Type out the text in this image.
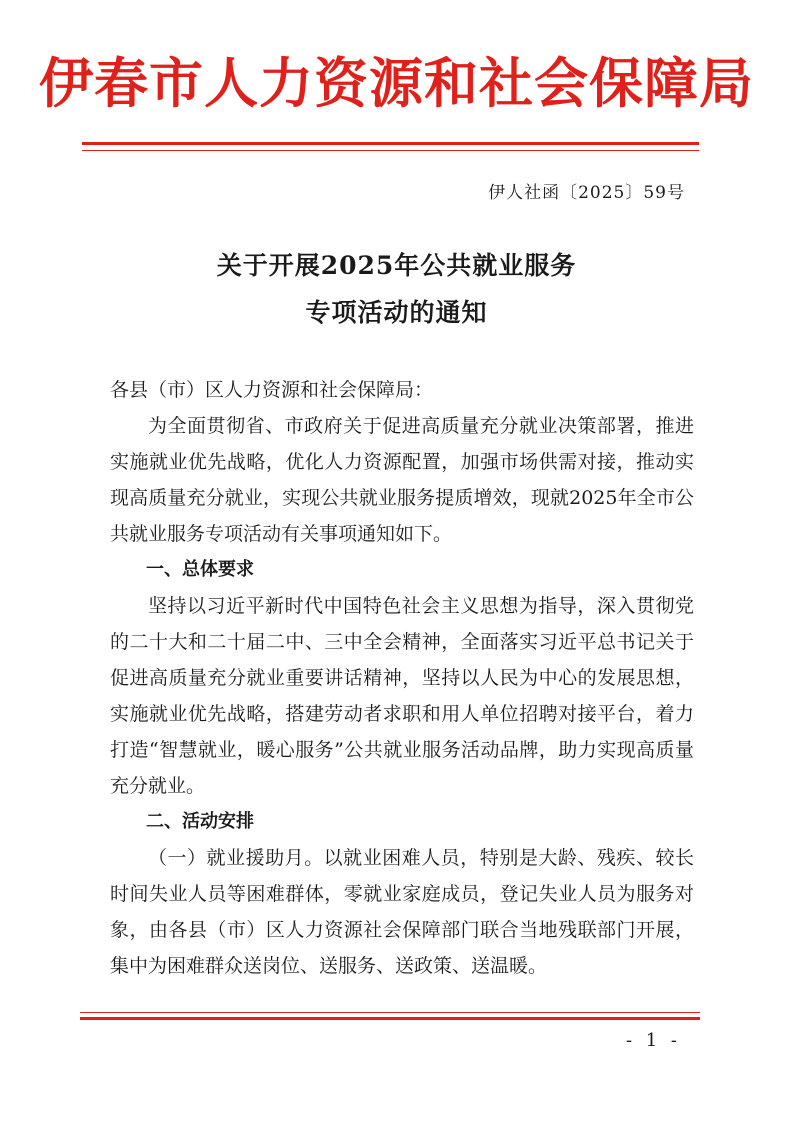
伊春市人力资源和社会保障局
伊人社函〔2025〕59号
关于开展2025年公共就业服务
专项活动的通知

各县（市）区人力资源和社会保障局：

为全面贯彻省、市政府关于促进高质量充分就业决策部署，推进实施就业优先战略，优化人力资源配置，加强市场供需对接，推动实现高质量充分就业，实现公共就业服务提质增效，现就2025年全市公共就业服务专项活动有关事项通知如下。

一、总体要求

坚持以习近平新时代中国特色社会主义思想为指导，深入贯彻党的二十大和二十届二中、三中全会精神，全面落实习近平总书记关于促进高质量充分就业重要讲话精神，坚持以人民为中心的发展思想，实施就业优先战略，搭建劳动者求职和用人单位招聘对接平台，着力打造“智慧就业，暖心服务”公共就业服务活动品牌，助力实现高质量充分就业。

二、活动安排

（一）就业援助月。以就业困难人员，特别是大龄、残疾、较长时间失业人员等困难群体，零就业家庭成员，登记失业人员为服务对象，由各县（市）区人力资源社会保障部门联合当地残联部门开展，集中为困难群众送岗位、送服务、送政策、送温暖。

- 1 -
